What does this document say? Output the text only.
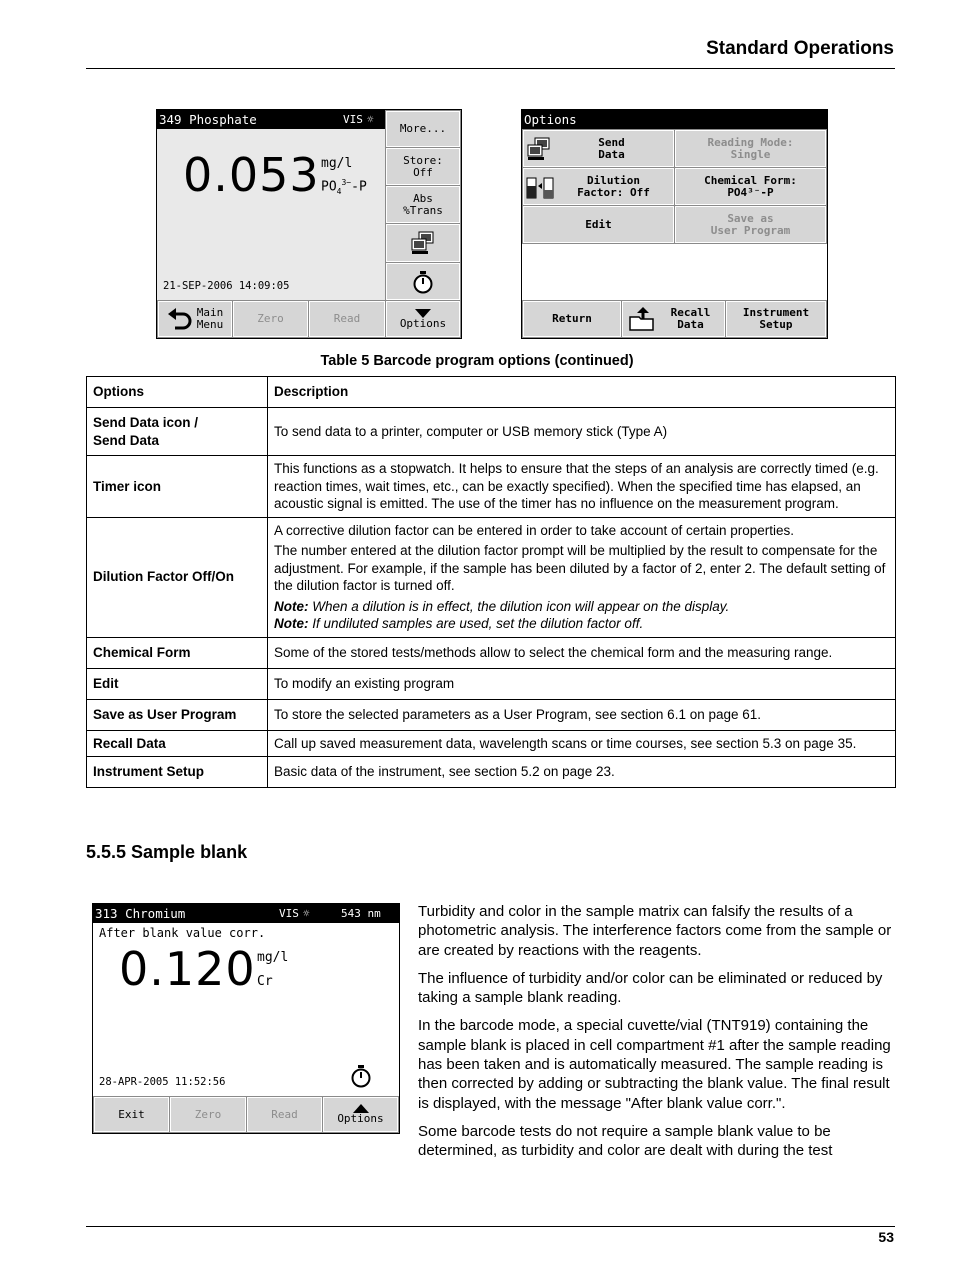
Standard Operations
349 Phosphate	VIS ☼
0.053 mg/l
$PO_4^{3-}-P$
21-SEP-2006 14:09:05
More...
Store:
Off
Abs
%Trans
Main
Menu	Zero	Read	Options
Options
Send
Data
Reading Mode:
Single
Dilution
Factor: Off
Chemical Form:
PO4³⁻-P
Edit	Save as
User Program
Return	Recall
Data
Instrument
Setup
Table 5 Barcode program options (continued)
Options	Description
Send Data icon /
Send Data	To send data to a printer, computer or USB memory stick (Type A)
Timer icon	This functions as a stopwatch. It helps to ensure that the steps of an analysis are correctly timed (e.g. reaction times, wait times, etc., can be exactly specified). When the specified time has elapsed, an acoustic signal is emitted. The use of the timer has no influence on the measurement program.
Dilution Factor Off/On	A corrective dilution factor can be entered in order to take account of certain properties.

The number entered at the dilution factor prompt will be multiplied by the result to compensate for the adjustment. For example, if the sample has been diluted by a factor of 2, enter 2. The default setting of the dilution factor is turned off.

Note: When a dilution is in effect, the dilution icon will appear on the display.

Note: If undiluted samples are used, set the dilution factor off.

Chemical Form	Some of the stored tests/methods allow to select the chemical form and the measuring range.
Edit	To modify an existing program
Save as User Program	To store the selected parameters as a User Program, see section 6.1 on page 61.
Recall Data	Call up saved measurement data, wavelength scans or time courses, see section 5.3 on page 35.
Instrument Setup	Basic data of the instrument, see section 5.2 on page 23.
5.5.5 Sample blank
313 Chromium	VIS ☼	543 nm
After blank value corr.
0.120 mg/l
Cr
28-APR-2005 11:52:56
Exit	Zero	Read	Options

Turbidity and color in the sample matrix can falsify the results of a photometric analysis. The interference factors come from the sample or are created by reactions with the reagents.

The influence of turbidity and/or color can be eliminated or reduced by taking a sample blank reading.

In the barcode mode, a special cuvette/vial (TNT919) containing the sample blank is placed in cell compartment #1 after the sample reading has been taken and is automatically measured. The sample reading is then corrected by adding or subtracting the blank value. The final result is displayed, with the message "After blank value corr.".

Some barcode tests do not require a sample blank value to be determined, as turbidity and color are dealt with during the test

53
